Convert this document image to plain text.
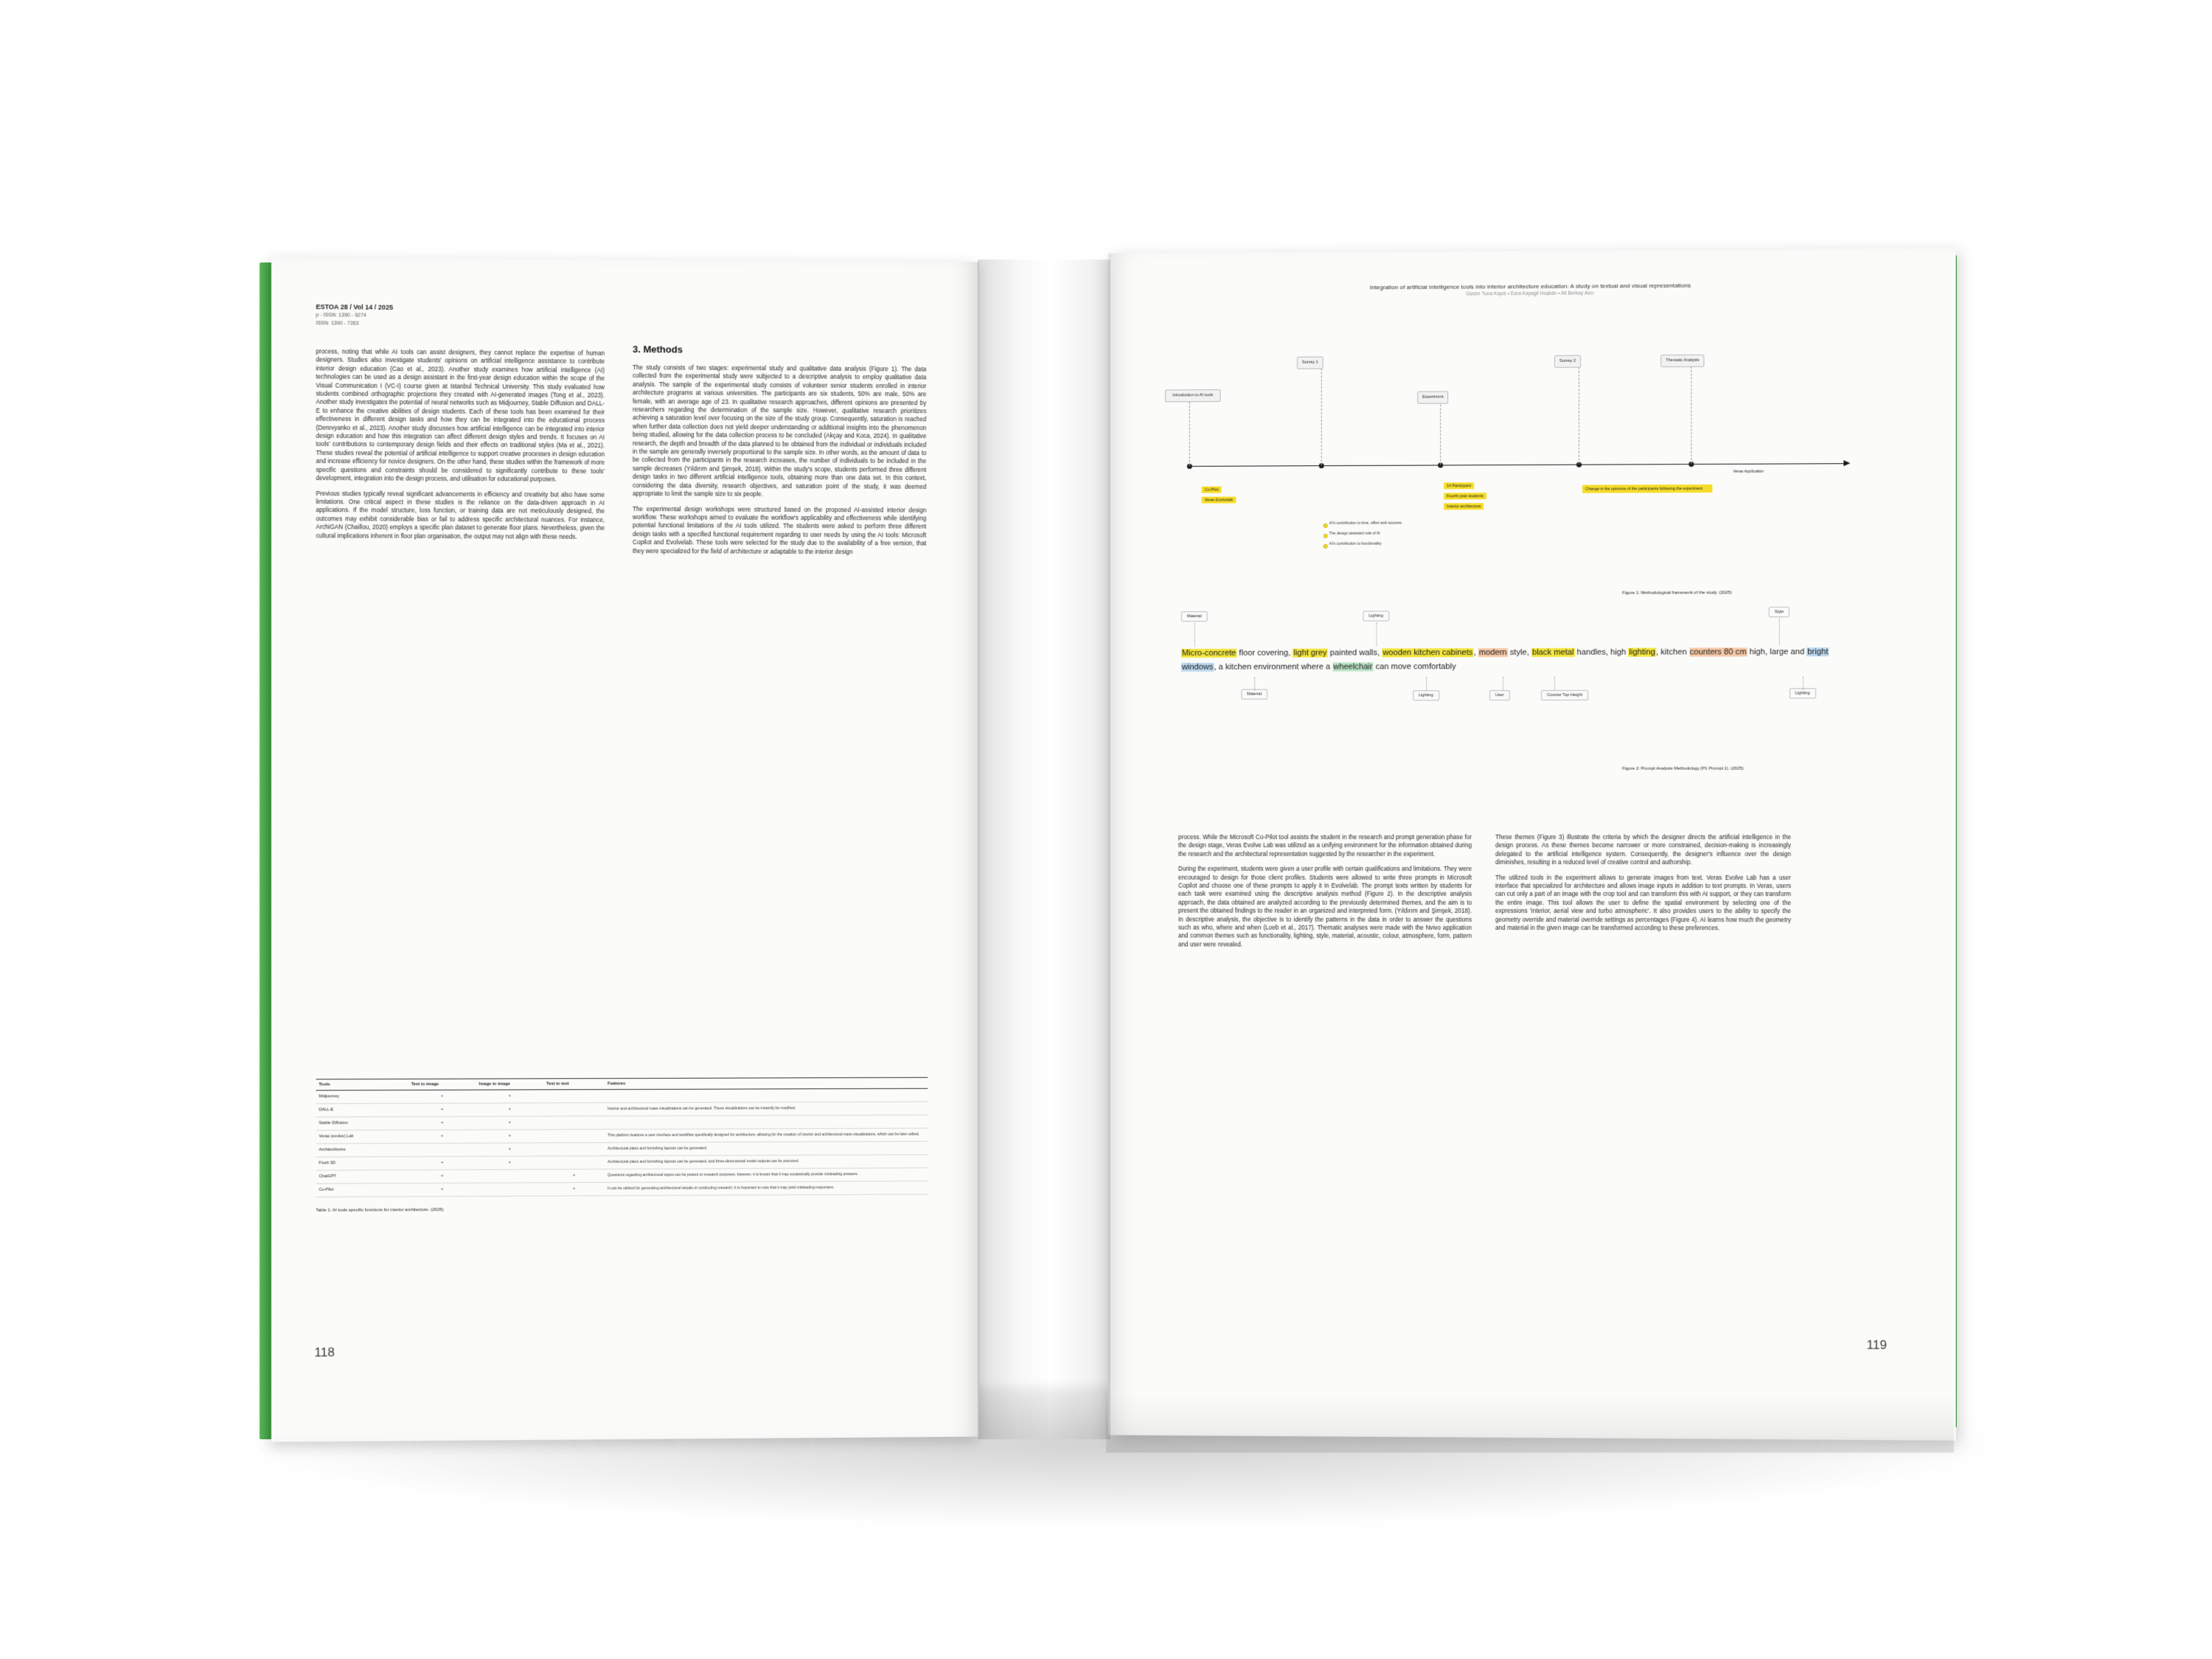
ESTOA 28 / Vol 14 / 2025
p - ISSN: 1390 - 9274
ISSN: 1390 - 7263

process, noting that while AI tools can assist designers, they cannot replace the expertise of human designers. Studies also investigate students' opinions on artificial intelligence assistance to contribute interior design education (Cao et al., 2023). Another study examines how artificial intelligence (AI) technologies can be used as a design assistant in the first-year design education within the scope of the Visual Communication I (VC-I) course given at Istanbul Technical University. This study evaluated how students combined orthographic projections they created with AI-generated images (Tong et al., 2023). Another study investigates the potential of neural networks such as Midjourney, Stable Diffusion and DALL-E to enhance the creative abilities of design students. Each of these tools has been examined for their effectiveness in different design tasks and how they can be integrated into the educational process (Derevyanko et al., 2023). Another study discusses how artificial intelligence can be integrated into interior design education and how this integration can affect different design styles and trends. It focuses on AI tools' contributions to contemporary design fields and their effects on traditional styles (Ma et al., 2021). These studies reveal the potential of artificial intelligence to support creative processes in design education and increase efficiency for novice designers. On the other hand, these studies within the framework of more specific questions and constraints should be considered to significantly contribute to these tools' development, integration into the design process, and utilisation for educational purposes.

Previous studies typically reveal significant advancements in efficiency and creativity but also have some limitations. One critical aspect in these studies is the reliance on the data-driven approach in AI applications. If the model structure, loss function, or training data are not meticulously designed, the outcomes may exhibit considerable bias or fail to address specific architectural nuances. For instance, ArchiGAN (Chaillou, 2020) employs a specific plan dataset to generate floor plans. Nevertheless, given the cultural implications inherent in floor plan organisation, the output may not align with these needs.

3. Methods

The study consists of two stages: experimental study and qualitative data analysis (Figure 1). The data collected from the experimental study were subjected to a descriptive analysis to employ qualitative data analysis. The sample of the experimental study consists of volunteer senior students enrolled in interior architecture programs at various universities. The participants are six students, 50% are male, 50% are female, with an average age of 23. In qualitative research approaches, different opinions are presented by researchers regarding the determination of the sample size. However, qualitative research prioritizes achieving a saturation level over focusing on the size of the study group. Consequently, saturation is reached when further data collection does not yield deeper understanding or additional insights into the phenomenon being studied, allowing for the data collection process to be concluded (Akçay and Koca, 2024). In qualitative research, the depth and breadth of the data planned to be obtained from the individual or individuals included in the sample are generally inversely proportional to the sample size. In other words, as the amount of data to be collected from the participants in the research increases, the number of individuals to be included in the sample decreases (Yıldırım and Şimşek, 2018). Within the study's scope, students performed three different design tasks in two different artificial intelligence tools, obtaining more than one data set. In this context, considering the data diversity, research objectives, and saturation point of the study, it was deemed appropriate to limit the sample size to six people.

The experimental design workshops were structured based on the proposed AI-assisted interior design workflow. These workshops aimed to evaluate the workflow's applicability and effectiveness while identifying potential functional limitations of the AI tools utilized. The students were asked to perform three different design tasks with a specified functional requirement regarding to user needs by using the AI tools: Microsoft Copilot and Evolvelab. These tools were selected for the study due to the availability of a free version, that they were specialized for the field of architecture or adaptable to the interior design

Tools	Text to image	Image to image	Text to text	Features
Midjourney	+	+		
DALL-E	+	+		Interior and architectural mass visualizations can be generated. These visualizations can be instantly be modified
Stable Diffusion	+	+		
Veras (evolve) Lab	+	+		This platform features a user interface and workflow specifically designed for architecture, allowing for the creation of interior and architectural mass visualizations, which can be later edited.
Architechtures		+		Architectural plans and furnishing layouts can be generated.
Finch 3D	+	+		Architectural plans and furnishing layouts can be generated, and three-dimensional model outputs can be procured.
ChatGPT	+		+	Questions regarding architectural topics can be posted or research purposes; however, it is known that it may occasionally provide misleading answers.
Co-Pilot	+		+	It can be utilized for generating architectural visuals or conducting research; it is important to note that it may yield misleading responses.
Table 1: AI tools specific functions for interior architecture. (2025)
118
Integration of artificial intelligence tools into interior architecture education: A study on textual and visual representations
Gizem Tuna Kayılı • Esra Kayagil Hoşkan • Ali Berkay Avcı
Survey 1	Survey 2	Thematic Analysis
Introduction to AI tools	Experiment
Co-Pilot
Veras Evolvelab
14 Participant
Fourth-year students
Interior architecture
AI's contribution to time, effort and success
The design assistant role of AI
AI's contribution to functionality
Change in the opinions of the participants following the experiment
Veras Application
Figure 1: Methodological framework of the study. (2025)
Material	Lighting
Style
Micro-concrete floor covering, light grey painted walls, wooden kitchen cabinets, modern style, black metal handles, high lighting, kitchen counters 80 cm high, large and bright windows, a kitchen environment where a wheelchair can move comfortably
Material	Lighting	User	Counter Top Height	Lighting
Figure 2: Prompt Analysis Methodology (P1 Prompt 1). (2025)

process. While the Microsoft Co-Pilot tool assists the student in the research and prompt generation phase for the design stage, Veras Evolve Lab was utilized as a unifying environment for the information obtained during the research and the architectural representation suggested by the researcher in the experiment.

During the experiment, students were given a user profile with certain qualifications and limitations. They were encouraged to design for those client profiles. Students were allowed to write three prompts in Microsoft Copilot and choose one of these prompts to apply it in Evolvelab. The prompt texts written by students for each task were examined using the descriptive analysis method (Figure 2). In the descriptive analysis approach, the data obtained are analyzed according to the previously determined themes, and the aim is to present the obtained findings to the reader in an organized and interpreted form. (Yıldırım and Şimşek, 2018). In descriptive analysis, the objective is to identify the patterns in the data in order to answer the questions such as who, where and when (Loeb et al., 2017). Thematic analyses were made with the Nvivo application and common themes such as functionality, lighting, style, material, acoustic, colour, atmosphere, form, pattern and user were revealed.

These themes (Figure 3) illustrate the criteria by which the designer directs the artificial intelligence in the design process. As these themes become narrower or more constrained, decision-making is increasingly delegated to the artificial intelligence system. Consequently, the designer's influence over the design diminishes, resulting in a reduced level of creative control and authorship.

The utilized tools in the experiment allows to generate images from text. Veras Evolve Lab has a user interface that specialized for architecture and allows image inputs in addition to text prompts. In Veras, users can cut only a part of an image with the crop tool and can transform this with AI support, or they can transform the entire image. This tool allows the user to define the spatial environment by selecting one of the expressions 'interior, aerial view and turbo atmospheric'. It also provides users to the ability to specify the geometry override and material override settings as percentages (Figure 4). AI learns how much the geometry and material in the given image can be transformed according to these preferences.

119
